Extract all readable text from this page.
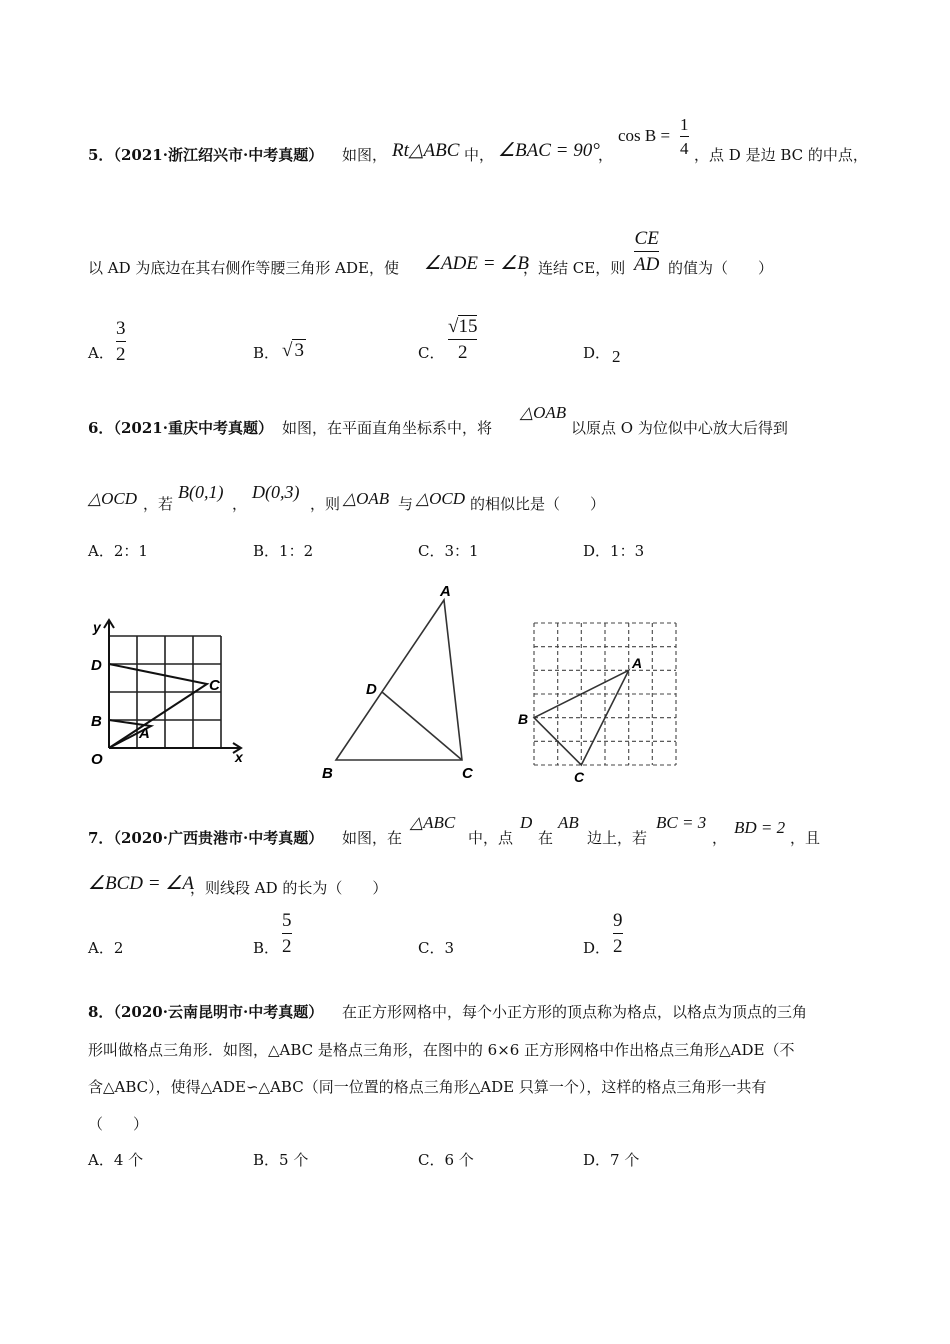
5．
（2021·浙江绍兴市·中考真题） 如图， Rt△ABC 中， ∠BAC = 90°
，
cos B =
1
4 ，点 D 是边 BC 的中点，
以 AD 为底边在其右侧作等腰三角形 ADE，使 ∠ADE = ∠B
，连结 CE，则
CE
AD 的值为（　　）
A．
3
2	B． √ 3	C．
√15
2	D． 2
6．
（2021·重庆中考真题） 如图，在平面直角坐标系中，将
△OAB
以原点 O 为位似中心放大后得到
△OCD ，若
B(0,1)
，
D(0,3)
，则 △OAB 与 △OCD 的相似比是（　　）
A．2：1	B．1：2	C．3：1	D．1：3
y
x
D
C
B
A
O
A
D
B	C
A
B
C
7．
（2020·广西贵港市·中考真题） 如图，在
△ABC
中，点
D
在
AB
边上，若
BC = 3
，
BD = 2
，且
∠BCD = ∠A
，则线段 AD 的长为（　　）
A．2	B．
5
2	C．3	D．
9
2
8．
（2020·云南昆明市·中考真题） 在正方形网格中，每个小正方形的顶点称为格点，以格点为顶点的三角
形叫做格点三角形．如图，△ABC 是格点三角形，在图中的 6×6 正方形网格中作出格点三角形△ADE（不
含△ABC），使得△ADE∽△ABC（同一位置的格点三角形△ADE 只算一个），这样的格点三角形一共有
（　　）
A．4 个	B．5 个	C．6 个	D．7 个
